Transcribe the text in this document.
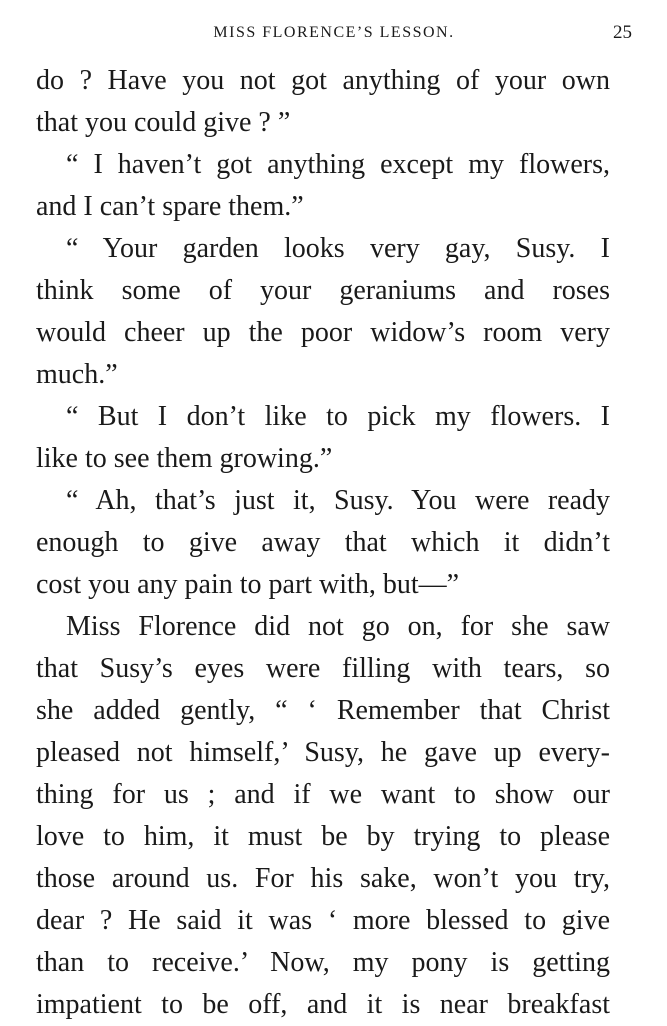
MISS FLORENCE’S LESSON.	25
do ? Have you not got anything of your own
that you could give ? ”
“ I haven’t got anything except my flowers,
and I can’t spare them.”
“ Your garden looks very gay, Susy. I
think some of your geraniums and roses
would cheer up the poor widow’s room very
much.”
“ But I don’t like to pick my flowers. I
like to see them growing.”
“ Ah, that’s just it, Susy. You were ready
enough to give away that which it didn’t
cost you any pain to part with, but—”
Miss Florence did not go on, for she saw
that Susy’s eyes were filling with tears, so
she added gently, “ ‘ Remember that Christ
pleased not himself,’ Susy, he gave up every-
thing for us ; and if we want to show our
love to him, it must be by trying to please
those around us. For his sake, won’t you try,
dear ? He said it was ‘ more blessed to give
than to receive.’ Now, my pony is getting
impatient to be off, and it is near breakfast
